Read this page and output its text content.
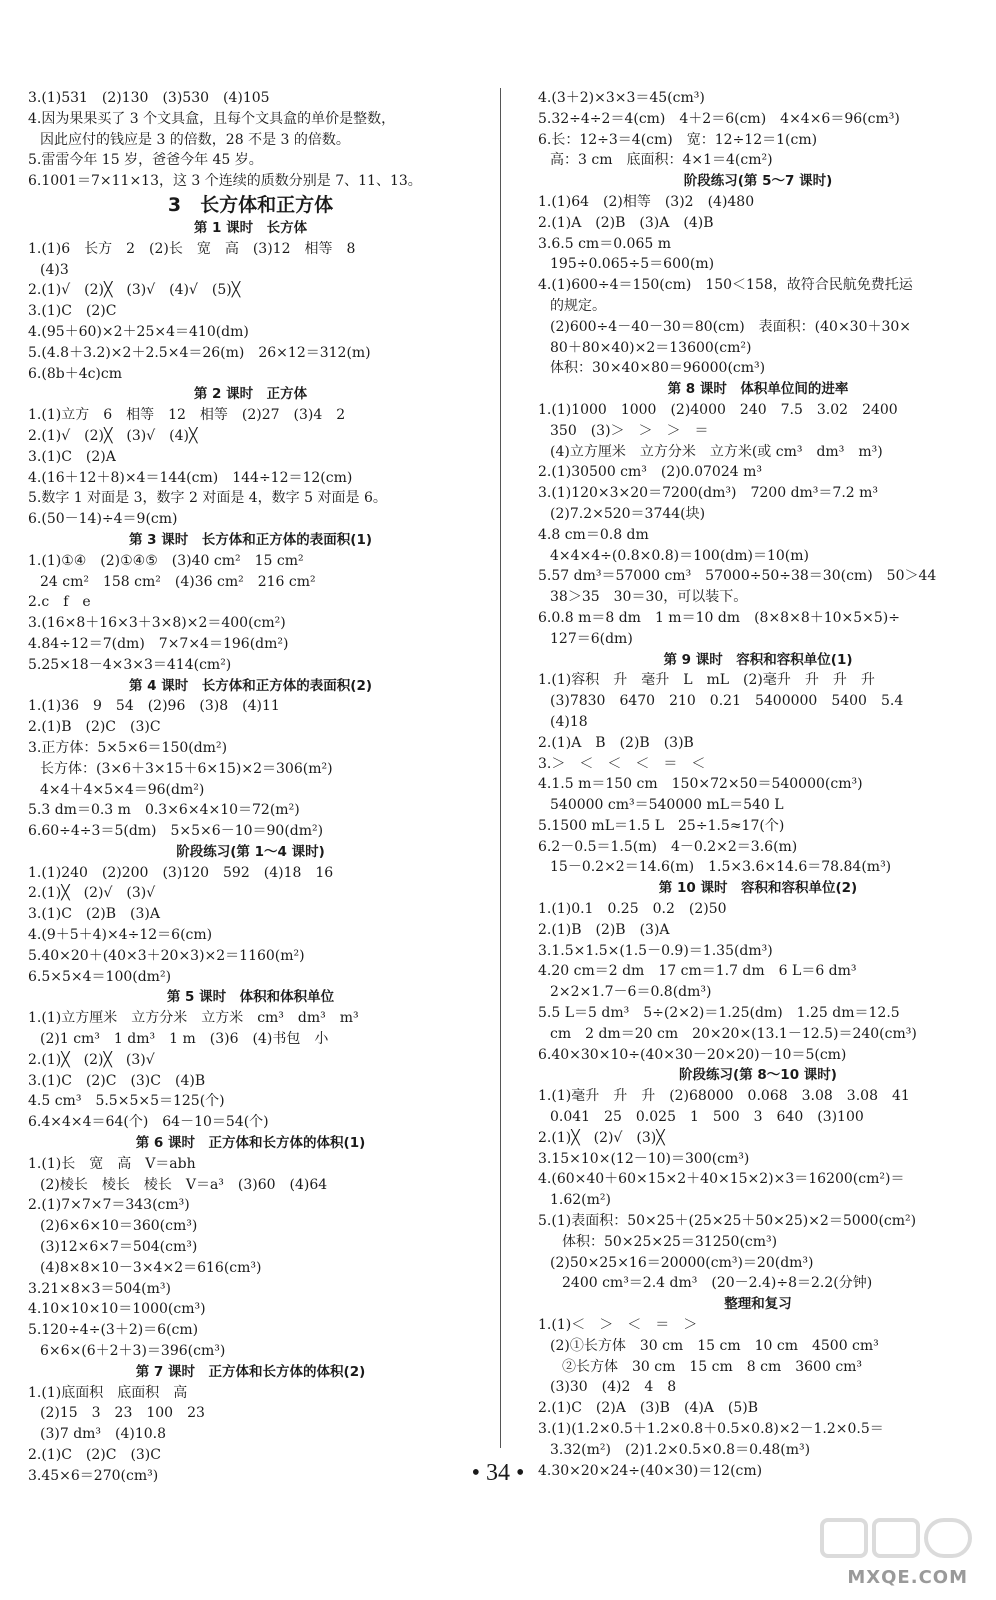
3.(1)531　(2)130　(3)530　(4)105
4.因为果果买了 3 个文具盒，且每个文具盒的单价是整数，
因此应付的钱应是 3 的倍数，28 不是 3 的倍数。
5.雷雷今年 15 岁，爸爸今年 45 岁。
6.1001＝7×11×13，这 3 个连续的质数分别是 7、11、13。
3　长方体和正方体
第 1 课时　长方体
1.(1)6　长方　2　(2)长　宽　高　(3)12　相等　8
(4)3
2.(1)√　(2)╳　(3)√　(4)√　(5)╳
3.(1)C　(2)C
4.(95＋60)×2＋25×4＝410(dm)
5.(4.8＋3.2)×2＋2.5×4＝26(m)　26×12＝312(m)
6.(8b＋4c)cm
第 2 课时　正方体
1.(1)立方　6　相等　12　相等　(2)27　(3)4　2
2.(1)√　(2)╳　(3)√　(4)╳
3.(1)C　(2)A
4.(16＋12＋8)×4＝144(cm)　144÷12＝12(cm)
5.数字 1 对面是 3，数字 2 对面是 4，数字 5 对面是 6。
6.(50－14)÷4＝9(cm)
第 3 课时　长方体和正方体的表面积(1)
1.(1)①④　(2)①④⑤　(3)40 cm²　15 cm²
24 cm²　158 cm²　(4)36 cm²　216 cm²
2.c　f　e
3.(16×8＋16×3＋3×8)×2＝400(cm²)
4.84÷12＝7(dm)　7×7×4＝196(dm²)
5.25×18－4×3×3＝414(cm²)
第 4 课时　长方体和正方体的表面积(2)
1.(1)36　9　54　(2)96　(3)8　(4)11
2.(1)B　(2)C　(3)C
3.正方体：5×5×6＝150(dm²)
长方体：(3×6＋3×15＋6×15)×2＝306(m²)
4×4＋4×5×4＝96(dm²)
5.3 dm＝0.3 m　0.3×6×4×10＝72(m²)
6.60÷4÷3＝5(dm)　5×5×6－10＝90(dm²)
阶段练习(第 1～4 课时)
1.(1)240　(2)200　(3)120　592　(4)18　16
2.(1)╳　(2)√　(3)√
3.(1)C　(2)B　(3)A
4.(9＋5＋4)×4÷12＝6(cm)
5.40×20＋(40×3＋20×3)×2＝1160(m²)
6.5×5×4＝100(dm²)
第 5 课时　体积和体积单位
1.(1)立方厘米　立方分米　立方米　cm³　dm³　m³
(2)1 cm³　1 dm³　1 m　(3)6　(4)书包　小
2.(1)╳　(2)╳　(3)√
3.(1)C　(2)C　(3)C　(4)B
4.5 cm³　5.5×5×5＝125(个)
6.4×4×4＝64(个)　64－10＝54(个)
第 6 课时　正方体和长方体的体积(1)
1.(1)长　宽　高　V＝abh
(2)棱长　棱长　棱长　V＝a³　(3)60　(4)64
2.(1)7×7×7＝343(cm³)
(2)6×6×10＝360(cm³)
(3)12×6×7＝504(cm³)
(4)8×8×10－3×4×2＝616(cm³)
3.21×8×3＝504(m³)
4.10×10×10＝1000(cm³)
5.120÷4÷(3＋2)＝6(cm)
6×6×(6＋2＋3)＝396(cm³)
第 7 课时　正方体和长方体的体积(2)
1.(1)底面积　底面积　高
(2)15　3　23　100　23
(3)7 dm³　(4)10.8
2.(1)C　(2)C　(3)C
3.45×6＝270(cm³)
4.(3＋2)×3×3＝45(cm³)
5.32÷4÷2＝4(cm)　4＋2＝6(cm)　4×4×6＝96(cm³)
6.长：12÷3＝4(cm)　宽：12÷12＝1(cm)
高：3 cm　底面积：4×1＝4(cm²)
阶段练习(第 5～7 课时)
1.(1)64　(2)相等　(3)2　(4)480
2.(1)A　(2)B　(3)A　(4)B
3.6.5 cm＝0.065 m
195÷0.065÷5＝600(m)
4.(1)600÷4＝150(cm)　150＜158，故符合民航免费托运
的规定。
(2)600÷4－40－30＝80(cm)　表面积：(40×30＋30×
80＋80×40)×2＝13600(cm²)
体积：30×40×80＝96000(cm³)
第 8 课时　体积单位间的进率
1.(1)1000　1000　(2)4000　240　7.5　3.02　2400
350　(3)＞　＞　＞　＝
(4)立方厘米　立方分米　立方米(或 cm³　dm³　m³)
2.(1)30500 cm³　(2)0.07024 m³
3.(1)120×3×20＝7200(dm³)　7200 dm³＝7.2 m³
(2)7.2×520＝3744(块)
4.8 cm＝0.8 dm
4×4×4÷(0.8×0.8)＝100(dm)＝10(m)
5.57 dm³＝57000 cm³　57000÷50÷38＝30(cm)　50＞44
38＞35　30＝30，可以装下。
6.0.8 m＝8 dm　1 m＝10 dm　(8×8×8＋10×5×5)÷
127＝6(dm)
第 9 课时　容积和容积单位(1)
1.(1)容积　升　毫升　L　mL　(2)毫升　升　升　升
(3)7830　6470　210　0.21　5400000　5400　5.4
(4)18
2.(1)A　B　(2)B　(3)B
3.＞　＜　＜　＜　＝　＜
4.1.5 m＝150 cm　150×72×50＝540000(cm³)
540000 cm³＝540000 mL＝540 L
5.1500 mL＝1.5 L　25÷1.5≈17(个)
6.2－0.5＝1.5(m)　4－0.2×2＝3.6(m)
15－0.2×2＝14.6(m)　1.5×3.6×14.6＝78.84(m³)
第 10 课时　容积和容积单位(2)
1.(1)0.1　0.25　0.2　(2)50
2.(1)B　(2)B　(3)A
3.1.5×1.5×(1.5－0.9)＝1.35(dm³)
4.20 cm＝2 dm　17 cm＝1.7 dm　6 L＝6 dm³
2×2×1.7－6＝0.8(dm³)
5.5 L＝5 dm³　5÷(2×2)＝1.25(dm)　1.25 dm＝12.5
cm　2 dm＝20 cm　20×20×(13.1－12.5)＝240(cm³)
6.40×30×10÷(40×30－20×20)－10＝5(cm)
阶段练习(第 8～10 课时)
1.(1)毫升　升　升　(2)68000　0.068　3.08　3.08　41
0.041　25　0.025　1　500　3　640　(3)100
2.(1)╳　(2)√　(3)╳
3.15×10×(12－10)＝300(cm³)
4.(60×40＋60×15×2＋40×15×2)×3＝16200(cm²)＝
1.62(m²)
5.(1)表面积：50×25＋(25×25＋50×25)×2＝5000(cm²)
体积：50×25×25＝31250(cm³)
(2)50×25×16＝20000(cm³)＝20(dm³)
2400 cm³＝2.4 dm³　(20－2.4)÷8＝2.2(分钟)
整理和复习
1.(1)＜　＞　＜　＝　＞
(2)①长方体　30 cm　15 cm　10 cm　4500 cm³
②长方体　30 cm　15 cm　8 cm　3600 cm³
(3)30　(4)2　4　8
2.(1)C　(2)A　(3)B　(4)A　(5)B
3.(1)(1.2×0.5＋1.2×0.8＋0.5×0.8)×2－1.2×0.5＝
3.32(m²)　(2)1.2×0.5×0.8＝0.48(m³)
4.30×20×24÷(40×30)＝12(cm)
• 34 •
MXQE.COM
